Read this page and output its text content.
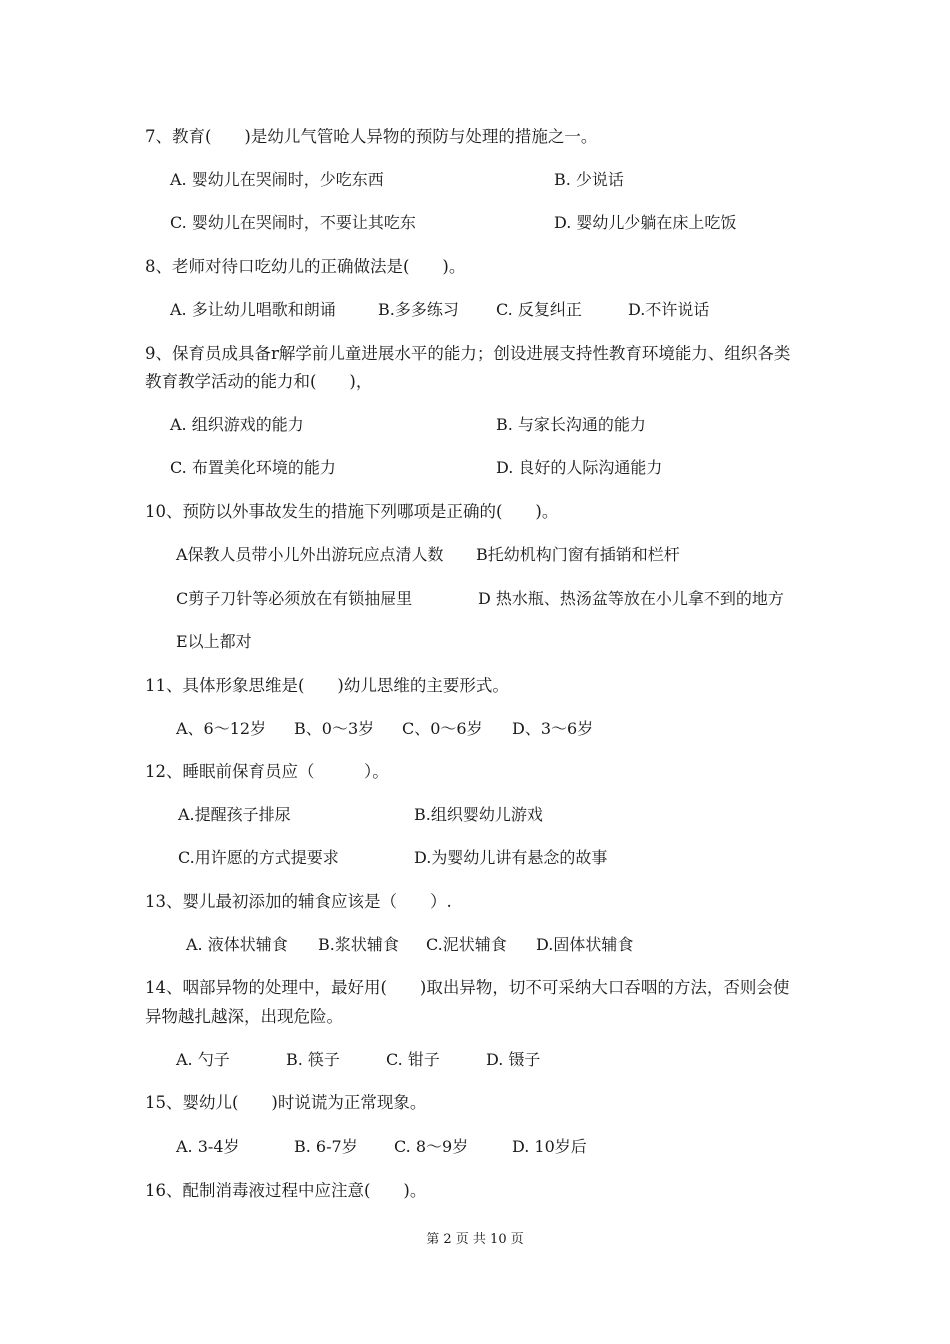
7、教育(　　)是幼儿气管呛人异物的预防与处理的措施之一。
A. 婴幼儿在哭闹时，少吃东西	B. 少说话
C. 婴幼儿在哭闹时，不要让其吃东	D. 婴幼儿少躺在床上吃饭
8、老师对待口吃幼儿的正确做法是(　　)。
A. 多让幼儿唱歌和朗诵	B.多多练习 C. 反复纠正	D.不许说话
9、保育员成具备r解学前儿童进展水平的能力；创设进展支持性教育环境能力、组织各类
教育教学活动的能力和(　　)，
A. 组织游戏的能力	B. 与家长沟通的能力
C. 布置美化环境的能力	D. 良好的人际沟通能力
10、预防以外事故发生的措施下列哪项是正确的(　　)。
A保教人员带小儿外出游玩应点清人数 B托幼机构门窗有插销和栏杆
C剪子刀针等必须放在有锁抽屉里	D 热水瓶、热汤盆等放在小儿拿不到的地方
E以上都对
11、具体形象思维是(　　)幼儿思维的主要形式。
A、6～12岁 B、0～3岁 C、0～6岁 D、3～6岁
12、睡眠前保育员应（　　　）。
A.提醒孩子排尿	B.组织婴幼儿游戏
C.用许愿的方式提要求	D.为婴幼儿讲有悬念的故事
13、婴儿最初添加的辅食应该是（　　）.
A. 液体状辅食 B.浆状辅食 C.泥状辅食 D.固体状辅食
14、咽部异物的处理中，最好用(　　)取出异物，切不可采纳大口吞咽的方法，否则会使
异物越扎越深，出现危险。
A. 勺子	B. 筷子	C. 钳子	D. 镊子
15、婴幼儿(　　)时说谎为正常现象。
A. 3-4岁	B. 6-7岁 C. 8～9岁	D. 10岁后
16、配制消毒液过程中应注意(　　)。
第 2 页 共 10 页
